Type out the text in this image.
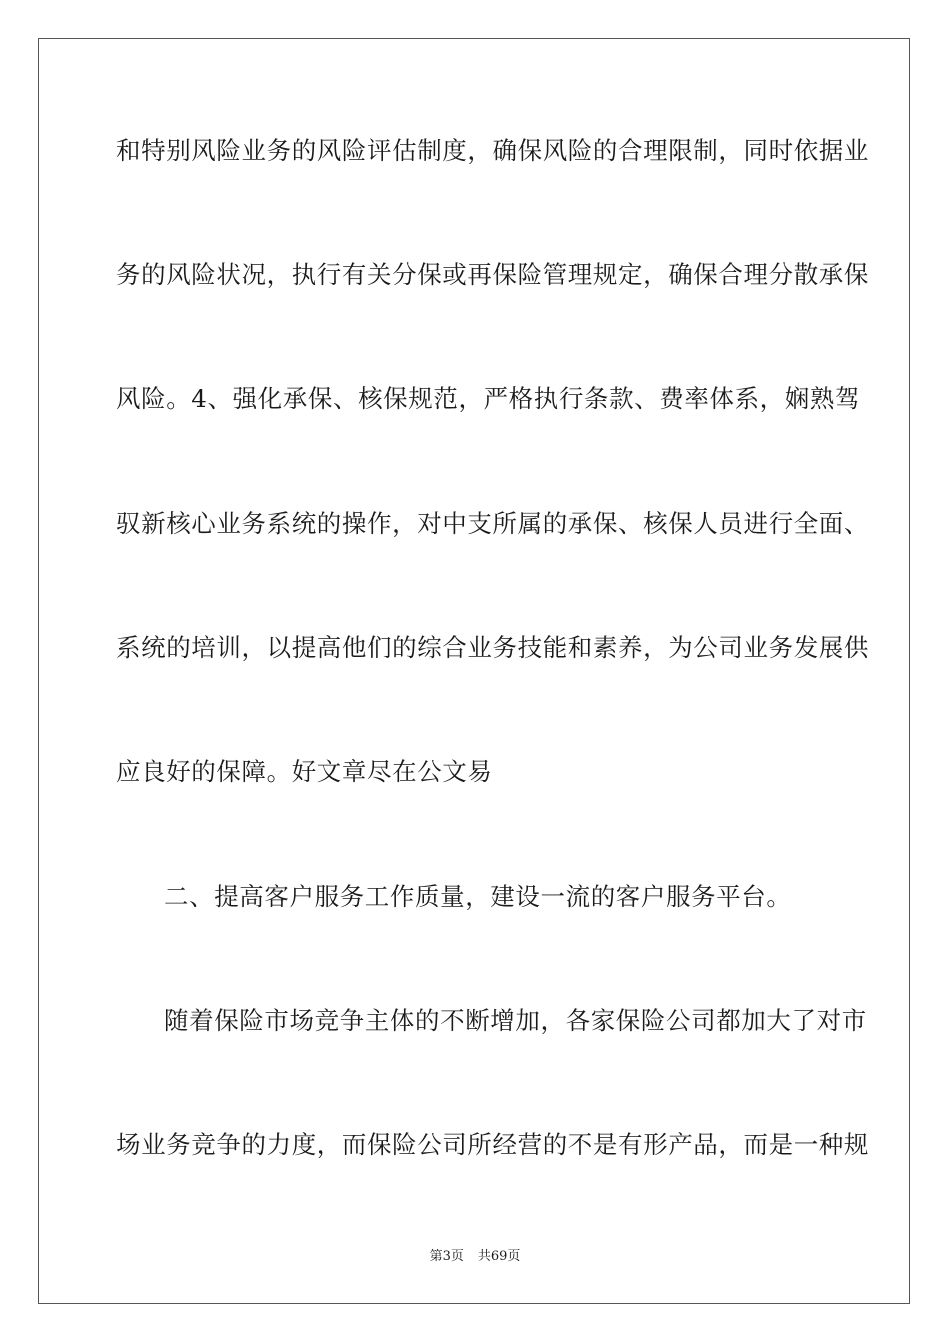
和特别风险业务的风险评估制度，确保风险的合理限制，同时依据业
务的风险状况，执行有关分保或再保险管理规定，确保合理分散承保
风险。4、强化承保、核保规范，严格执行条款、费率体系，娴熟驾
驭新核心业务系统的操作，对中支所属的承保、核保人员进行全面、
系统的培训，以提高他们的综合业务技能和素养，为公司业务发展供
应良好的保障。好文章尽在公文易
二、提高客户服务工作质量，建设一流的客户服务平台。
随着保险市场竞争主体的不断增加，各家保险公司都加大了对市
场业务竞争的力度，而保险公司所经营的不是有形产品，而是一种规
第3页 共69页
